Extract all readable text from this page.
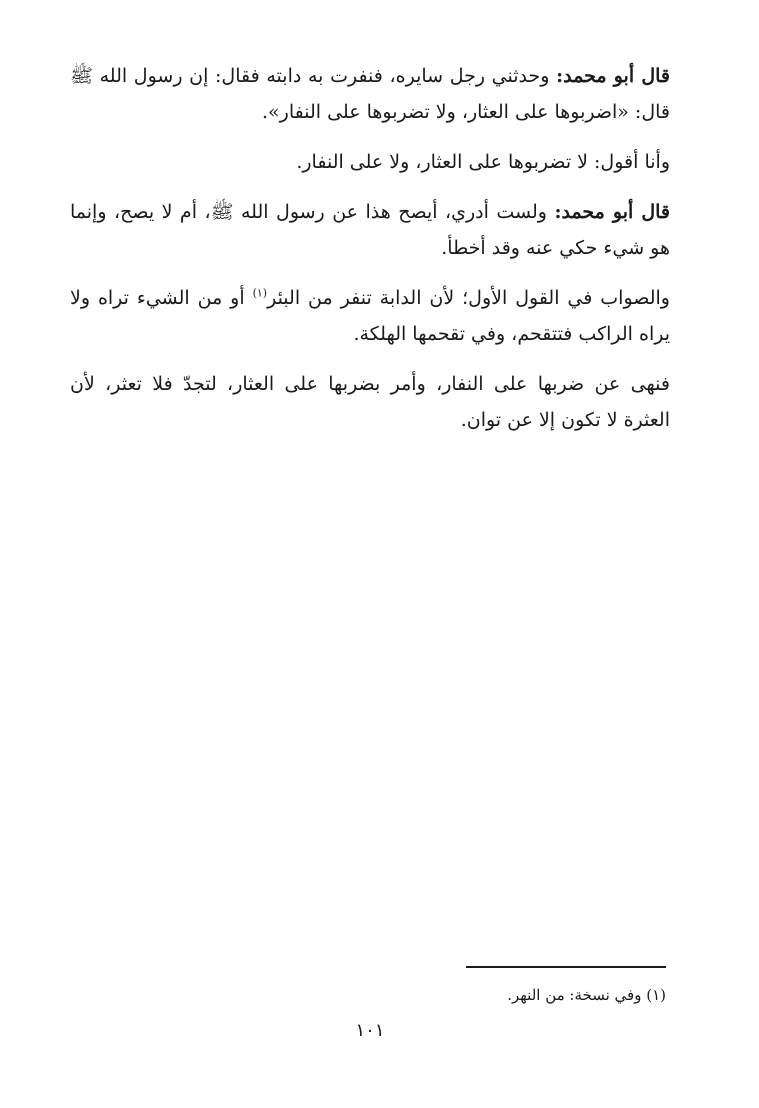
قال أبو محمد: وحدثني رجل سايره، فنفرت به دابته فقال: إن رسول الله ﷺ قال: «اضربوها على العثار، ولا تضربوها على النفار».

وأنا أقول: لا تضربوها على العثار، ولا على النفار.

قال أبو محمد: ولست أدري، أيصح هذا عن رسول الله ﷺ، أم لا يصح، وإنما هو شيء حكي عنه وقد أخطأ.

والصواب في القول الأول؛ لأن الدابة تنفر من البئر$^{(١)}$ أو من الشيء تراه ولا يراه الراكب فتتقحم، وفي تقحمها الهلكة.

فنهى عن ضربها على النفار، وأمر بضربها على العثار، لتجدّ فلا تعثر، لأن العثرة لا تكون إلا عن توان.

(١) وفي نسخة: من النهر.
١٠١
